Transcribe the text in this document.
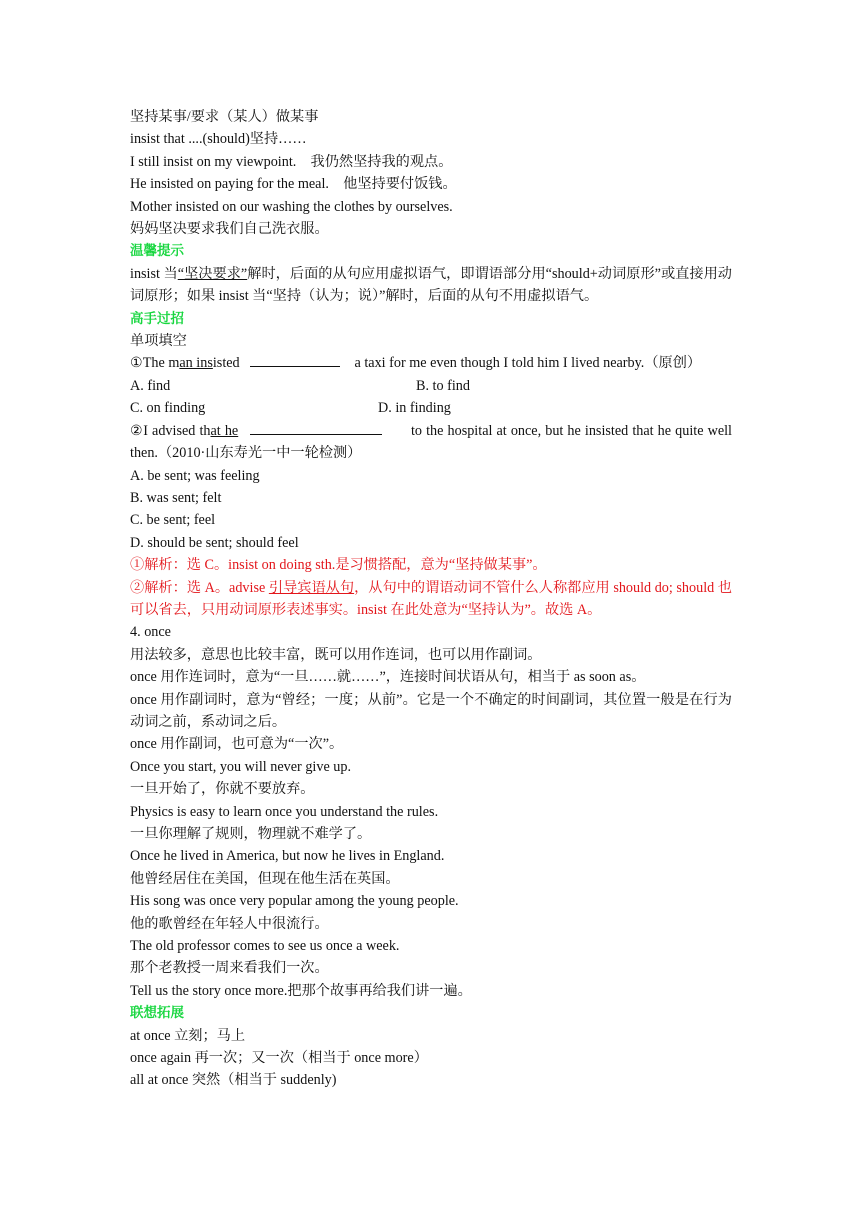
坚持某事/要求（某人）做某事
insist that ....(should)坚持……
I still insist on my viewpoint.　我仍然坚持我的观点。
He insisted on paying for the meal.　他坚持要付饭钱。
Mother insisted on our washing the clothes by ourselves.
妈妈坚决要求我们自己洗衣服。
温馨提示
insist 当“坚决要求”解时，后面的从句应用虚拟语气，即谓语部分用“should+动词原形”或直接用动词原形；如果 insist 当“坚持（认为；说）”解时，后面的从句不用虚拟语气。
高手过招
单项填空
①The man insisted	a taxi for me even though I told him I lived nearby.（原创）
A. find	B. to find
C. on finding	D. in finding
②I advised that he	to the hospital at once, but he insisted that he quite well then.（2010·山东寿光一中一轮检测）
A. be sent; was feeling
B. was sent; felt
C. be sent; feel
D. should be sent; should feel
①解析：选 C。insist on doing sth.是习惯搭配，意为“坚持做某事”。
②解析：选 A。advise 引导宾语从句，从句中的谓语动词不管什么人称都应用 should do; should 也可以省去，只用动词原形表述事实。insist 在此处意为“坚持认为”。故选 A。
4. once
用法较多，意思也比较丰富，既可以用作连词，也可以用作副词。
once 用作连词时，意为“一旦……就……”，连接时间状语从句，相当于 as soon as。
once 用作副词时，意为“曾经；一度；从前”。它是一个不确定的时间副词，其位置一般是在行为动词之前，系动词之后。
once 用作副词，也可意为“一次”。
Once you start, you will never give up.
一旦开始了，你就不要放弃。
Physics is easy to learn once you understand the rules.
一旦你理解了规则，物理就不难学了。
Once he lived in America, but now he lives in England.
他曾经居住在美国，但现在他生活在英国。
His song was once very popular among the young people.
他的歌曾经在年轻人中很流行。
The old professor comes to see us once a week.
那个老教授一周来看我们一次。
Tell us the story once more.把那个故事再给我们讲一遍。
联想拓展
at once 立刻；马上
once again 再一次；又一次（相当于 once more）
all at once 突然（相当于 suddenly)
